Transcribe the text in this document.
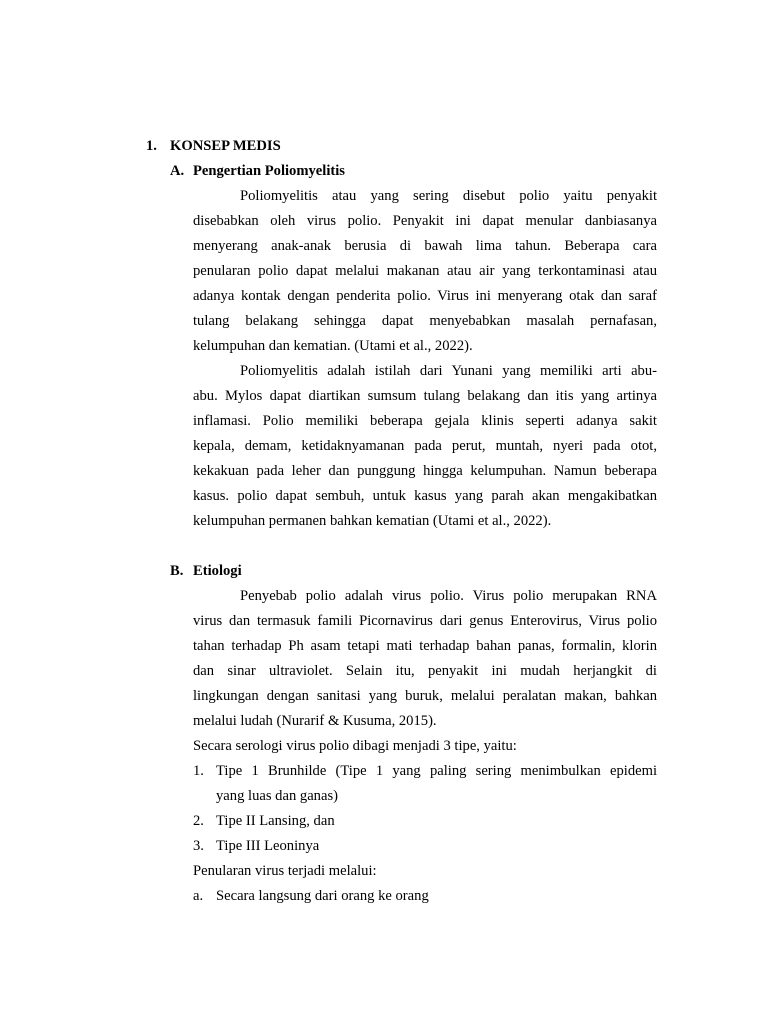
1. KONSEP MEDIS
A. Pengertian Poliomyelitis
Poliomyelitis atau yang sering disebut polio yaitu penyakit
disebabkan oleh virus polio. Penyakit ini dapat menular danbiasanya
menyerang anak-anak berusia di bawah lima tahun. Beberapa cara
penularan polio dapat melalui makanan atau air yang terkontaminasi atau
adanya kontak dengan penderita polio. Virus ini menyerang otak dan saraf
tulang belakang sehingga dapat menyebabkan masalah pernafasan,
kelumpuhan dan kematian. (Utami et al., 2022).
Poliomyelitis adalah istilah dari Yunani yang memiliki arti abu-
abu. Mylos dapat diartikan sumsum tulang belakang dan itis yang artinya
inflamasi. Polio memiliki beberapa gejala klinis seperti adanya sakit
kepala, demam, ketidaknyamanan pada perut, muntah, nyeri pada otot,
kekakuan pada leher dan punggung hingga kelumpuhan. Namun beberapa
kasus. polio dapat sembuh, untuk kasus yang parah akan mengakibatkan
kelumpuhan permanen bahkan kematian (Utami et al., 2022).
B. Etiologi
Penyebab polio adalah virus polio. Virus polio merupakan RNA
virus dan termasuk famili Picornavirus dari genus Enterovirus, Virus polio
tahan terhadap Ph asam tetapi mati terhadap bahan panas, formalin, klorin
dan sinar ultraviolet. Selain itu, penyakit ini mudah herjangkit di
lingkungan dengan sanitasi yang buruk, melalui peralatan makan, bahkan
melalui ludah (Nurarif & Kusuma, 2015).
Secara serologi virus polio dibagi menjadi 3 tipe, yaitu:
1. Tipe 1 Brunhilde (Tipe 1 yang paling sering menimbulkan epidemi
yang luas dan ganas)
2. Tipe II Lansing, dan
3. Tipe III Leoninya
Penularan virus terjadi melalui:
a. Secara langsung dari orang ke orang
